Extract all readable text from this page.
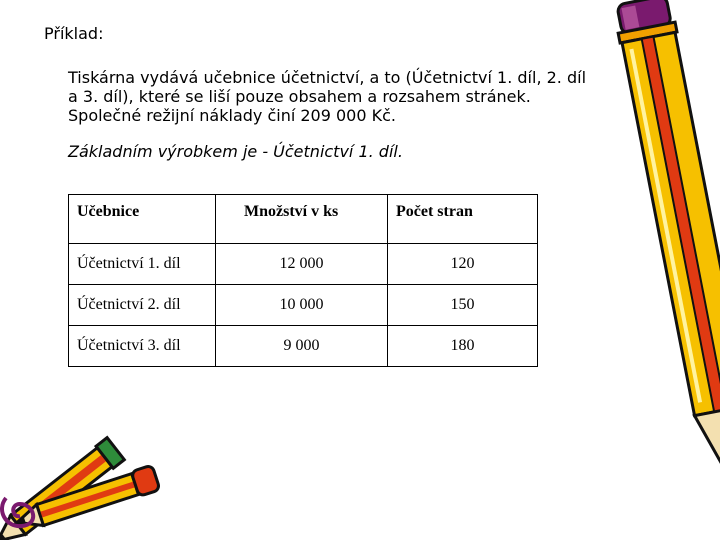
Příklad:
Tiskárna vydává učebnice účetnictví, a to (Účetnictví 1. díl, 2. díl
a 3. díl), které se liší pouze obsahem a rozsahem stránek.
Společné režijní náklady činí 209 000 Kč.
Základním výrobkem je - Účetnictví 1. díl.
Učebnice	Množství v ks	Počet stran
Účetnictví 1. díl	12 000	120
Účetnictví 2. díl	10 000	150
Účetnictví 3. díl	9 000	180
